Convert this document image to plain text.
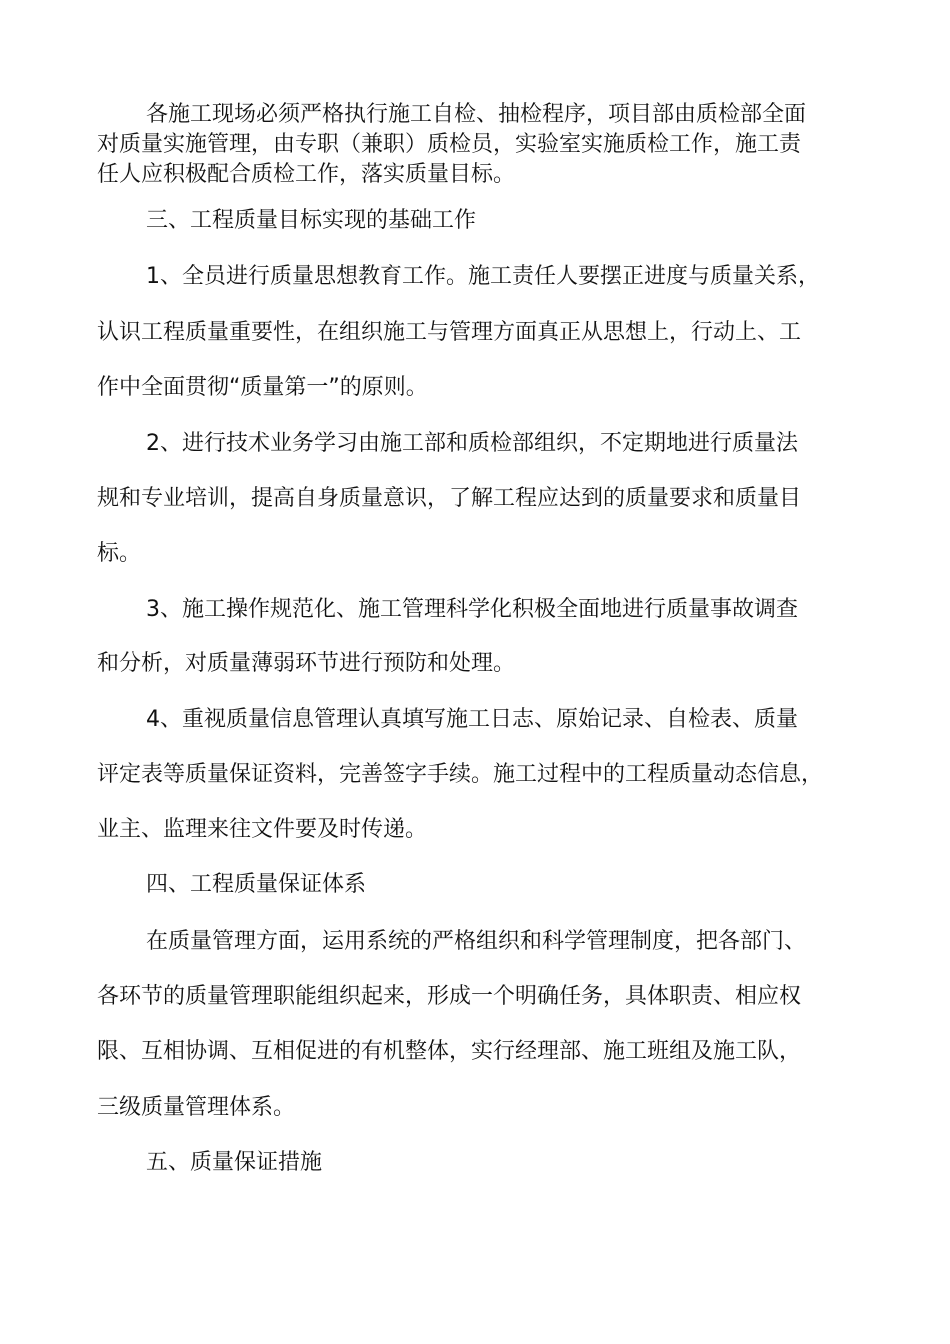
各施工现场必须严格执行施工自检、抽检程序，项目部由质检部全面
对质量实施管理，由专职（兼职）质检员，实验室实施质检工作，施工责
任人应积极配合质检工作，落实质量目标。
三、工程质量目标实现的基础工作
1、全员进行质量思想教育工作。施工责任人要摆正进度与质量关系，
认识工程质量重要性，在组织施工与管理方面真正从思想上，行动上、工
作中全面贯彻“质量第一”的原则。
2、进行技术业务学习由施工部和质检部组织，不定期地进行质量法
规和专业培训，提高自身质量意识，了解工程应达到的质量要求和质量目
标。
3、施工操作规范化、施工管理科学化积极全面地进行质量事故调查
和分析，对质量薄弱环节进行预防和处理。
4、重视质量信息管理认真填写施工日志、原始记录、自检表、质量
评定表等质量保证资料，完善签字手续。施工过程中的工程质量动态信息，
业主、监理来往文件要及时传递。
四、工程质量保证体系
在质量管理方面，运用系统的严格组织和科学管理制度，把各部门、
各环节的质量管理职能组织起来，形成一个明确任务，具体职责、相应权
限、互相协调、互相促进的有机整体，实行经理部、施工班组及施工队，
三级质量管理体系。
五、质量保证措施
